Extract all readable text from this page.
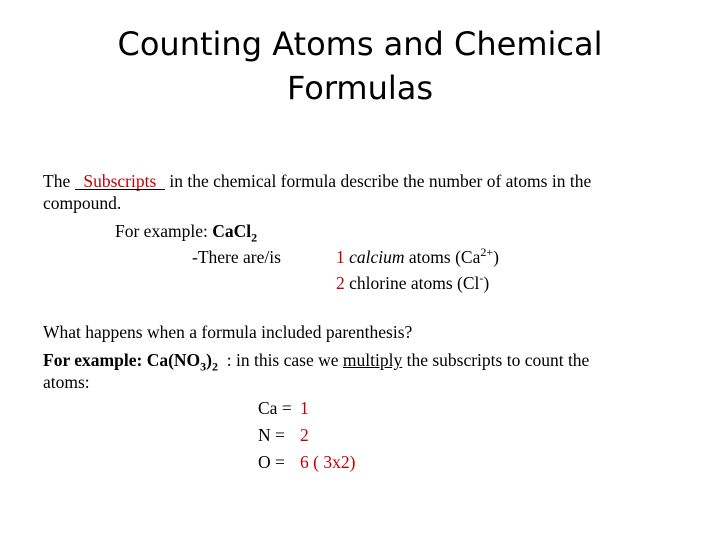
Counting Atoms and Chemical
Formulas
The   Subscripts
in the chemical formula describe the number of atoms in the
compound.
For example: CaCl$_2$
-There are/is	1 calcium atoms $(Ca^{2+})$
2 chlorine atoms (Cl-)
What happens when a formula included parenthesis?
For example: $Ca(NO_3)_2$  : in this case we multiply the subscripts to count the
atoms:
Ca = 1
N = 2
O = 6 ( 3x2)
